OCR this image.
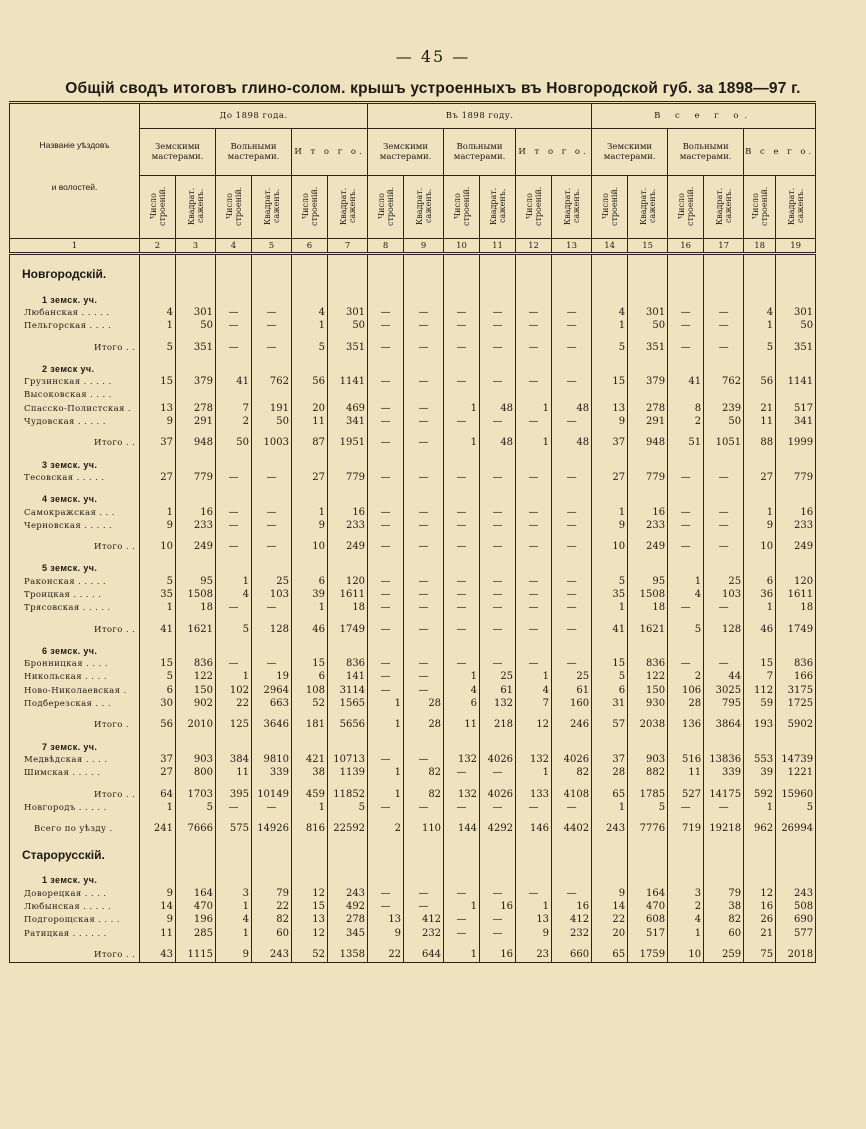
— 45 —
Общій сводъ итоговъ глино-солом. крышъ устроенныхъ въ Новгородской губ. за 1898—97 г.
Названіе уѣздовъ
и волостей.	До 1898 года.						Въ 1898 году.						В с е г о.					
	Земскими мастерами.		Вольными мастерами.		И т о г о.		Земскими мастерами.		Вольными мастерами.		И т о г о.		Земскими мастерами.		Вольными мастерами.		В с е г о.	
	Число строеній.	Квадрат. саженъ.	Число строеній.	Квадрат. саженъ.	Число строеній.	Квадрат. саженъ.	Число строеній.	Квадрат. саженъ.	Число строеній.	Квадрат. саженъ.	Число строеній.	Квадрат. саженъ.	Число строеній.	Квадрат. саженъ.	Число строеній.	Квадрат. саженъ.	Число строеній.	Квадрат. саженъ.
1	2	3	4	5	6	7	8	9	10	11	12	13	14	15	16	17	18	19

Новгородскій.																		

1 земск. уч.																		
Любанская . . . . .	4	301	—	—	4	301	—	—	—	—	—	—	4	301	—	—	4	301
Пельгорская . . . .	1	50	—	—	1	50	—	—	—	—	—	—	1	50	—	—	1	50

Итого . .	5	351	—	—	5	351	—	—	—	—	—	—	5	351	—	—	5	351

2 земск уч.																		
Грузинская . . . . .	15	379	41	762	56	1141	—	—	—	—	—	—	15	379	41	762	56	1141
Высоковская . . . .																		
Спасско-Полистская .	13	278	7	191	20	469	—	—	1	48	1	48	13	278	8	239	21	517
Чудовская . . . . .	9	291	2	50	11	341	—	—	—	—	—	—	9	291	2	50	11	341

Итого . .	37	948	50	1003	87	1951	—	—	1	48	1	48	37	948	51	1051	88	1999

3 земск. уч.																		
Тесовская . . . . .	27	779	—	—	27	779	—	—	—	—	—	—	27	779	—	—	27	779

4 земск. уч.																		
Самокражская . . .	1	16	—	—	1	16	—	—	—	—	—	—	1	16	—	—	1	16
Черновская . . . . .	9	233	—	—	9	233	—	—	—	—	—	—	9	233	—	—	9	233

Итого . .	10	249	—	—	10	249	—	—	—	—	—	—	10	249	—	—	10	249

5 земск. уч.																		
Раконская . . . . .	5	95	1	25	6	120	—	—	—	—	—	—	5	95	1	25	6	120
Троицкая . . . . .	35	1508	4	103	39	1611	—	—	—	—	—	—	35	1508	4	103	36	1611
Трясовская . . . . .	1	18	—	—	1	18	—	—	—	—	—	—	1	18	—	—	1	18

Итого . .	41	1621	5	128	46	1749	—	—	—	—	—	—	41	1621	5	128	46	1749

6 земск. уч.																		
Бронницкая . . . .	15	836	—	—	15	836	—	—	—	—	—	—	15	836	—	—	15	836
Никольская . . . .	5	122	1	19	6	141	—	—	1	25	1	25	5	122	2	44	7	166
Ново-Николаевская .	6	150	102	2964	108	3114	—	—	4	61	4	61	6	150	106	3025	112	3175
Подберезская . . .	30	902	22	663	52	1565	1	28	6	132	7	160	31	930	28	795	59	1725

Итого .	56	2010	125	3646	181	5656	1	28	11	218	12	246	57	2038	136	3864	193	5902

7 земск. уч.																		
Медвѣдская . . . .	37	903	384	9810	421	10713	—	—	132	4026	132	4026	37	903	516	13836	553	14739
Шимская . . . . .	27	800	11	339	38	1139	1	82	—	—	1	82	28	882	11	339	39	1221

Итого . .	64	1703	395	10149	459	11852	1	82	132	4026	133	4108	65	1785	527	14175	592	15960
Новгородъ . . . . .	1	5	—	—	1	5	—	—	—	—	—	—	1	5	—	—	1	5

Всего по уѣзду .	241	7666	575	14926	816	22592	2	110	144	4292	146	4402	243	7776	719	19218	962	26994

Старорусскій.																		

1 земск. уч.																		
Доворецкая . . . .	9	164	3	79	12	243	—	—	—	—	—	—	9	164	3	79	12	243
Любынская . . . . .	14	470	1	22	15	492	—	—	1	16	1	16	14	470	2	38	16	508
Подгорощская . . . .	9	196	4	82	13	278	13	412	—	—	13	412	22	608	4	82	26	690
Ратицкая . . . . . .	11	285	1	60	12	345	9	232	—	—	9	232	20	517	1	60	21	577

Итого . .	43	1115	9	243	52	1358	22	644	1	16	23	660	65	1759	10	259	75	2018
